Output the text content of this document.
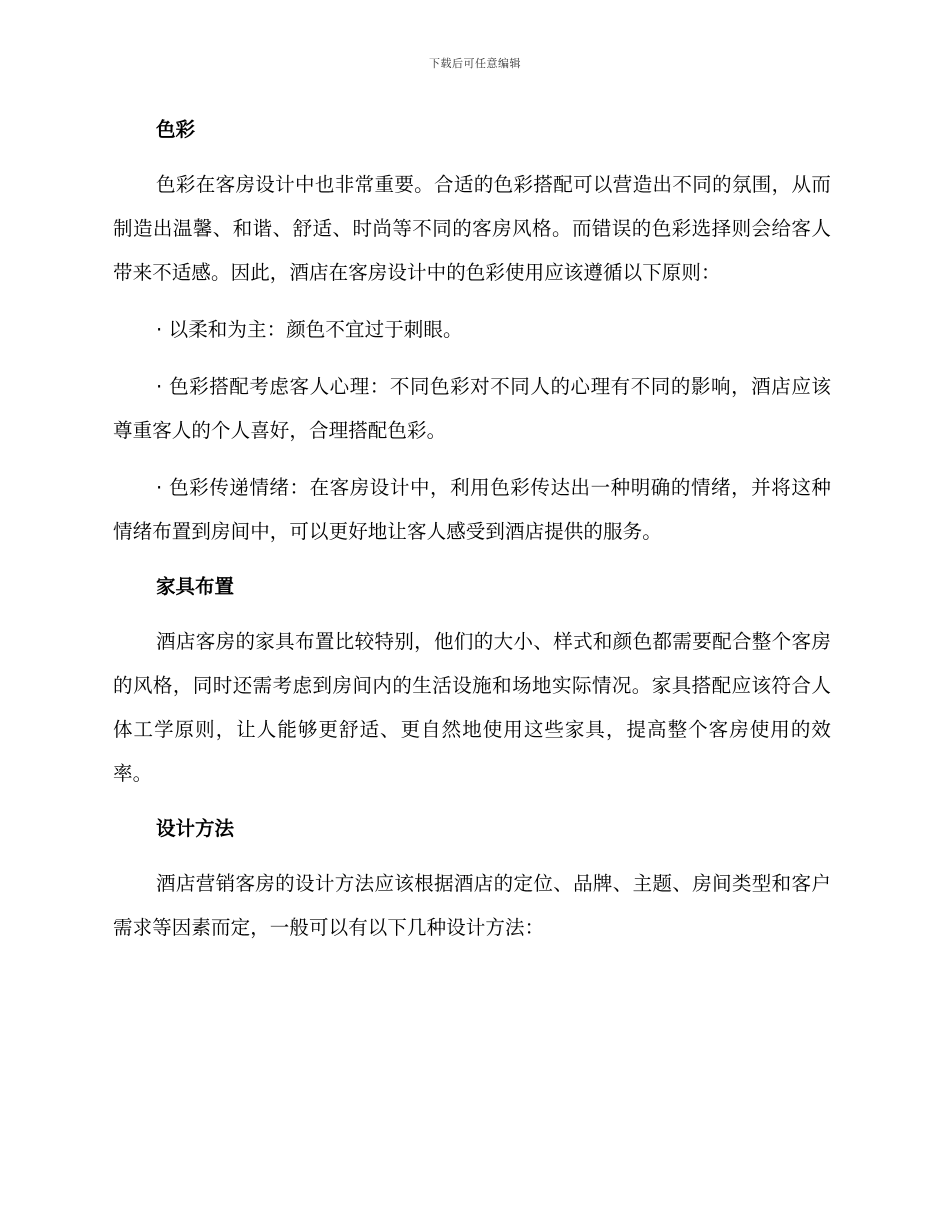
下载后可任意编辑
色彩

色彩在客房设计中也非常重要。合适的色彩搭配可以营造出不同的氛围，从而制造出温馨、和谐、舒适、时尚等不同的客房风格。而错误的色彩选择则会给客人带来不适感。因此，酒店在客房设计中的色彩使用应该遵循以下原则：

· 以柔和为主：颜色不宜过于刺眼。

· 色彩搭配考虑客人心理：不同色彩对不同人的心理有不同的影响，酒店应该尊重客人的个人喜好，合理搭配色彩。

· 色彩传递情绪：在客房设计中，利用色彩传达出一种明确的情绪，并将这种情绪布置到房间中，可以更好地让客人感受到酒店提供的服务。

家具布置

酒店客房的家具布置比较特别，他们的大小、样式和颜色都需要配合整个客房的风格，同时还需考虑到房间内的生活设施和场地实际情况。家具搭配应该符合人体工学原则，让人能够更舒适、更自然地使用这些家具，提高整个客房使用的效率。

设计方法

酒店营销客房的设计方法应该根据酒店的定位、品牌、主题、房间类型和客户需求等因素而定，一般可以有以下几种设计方法：
